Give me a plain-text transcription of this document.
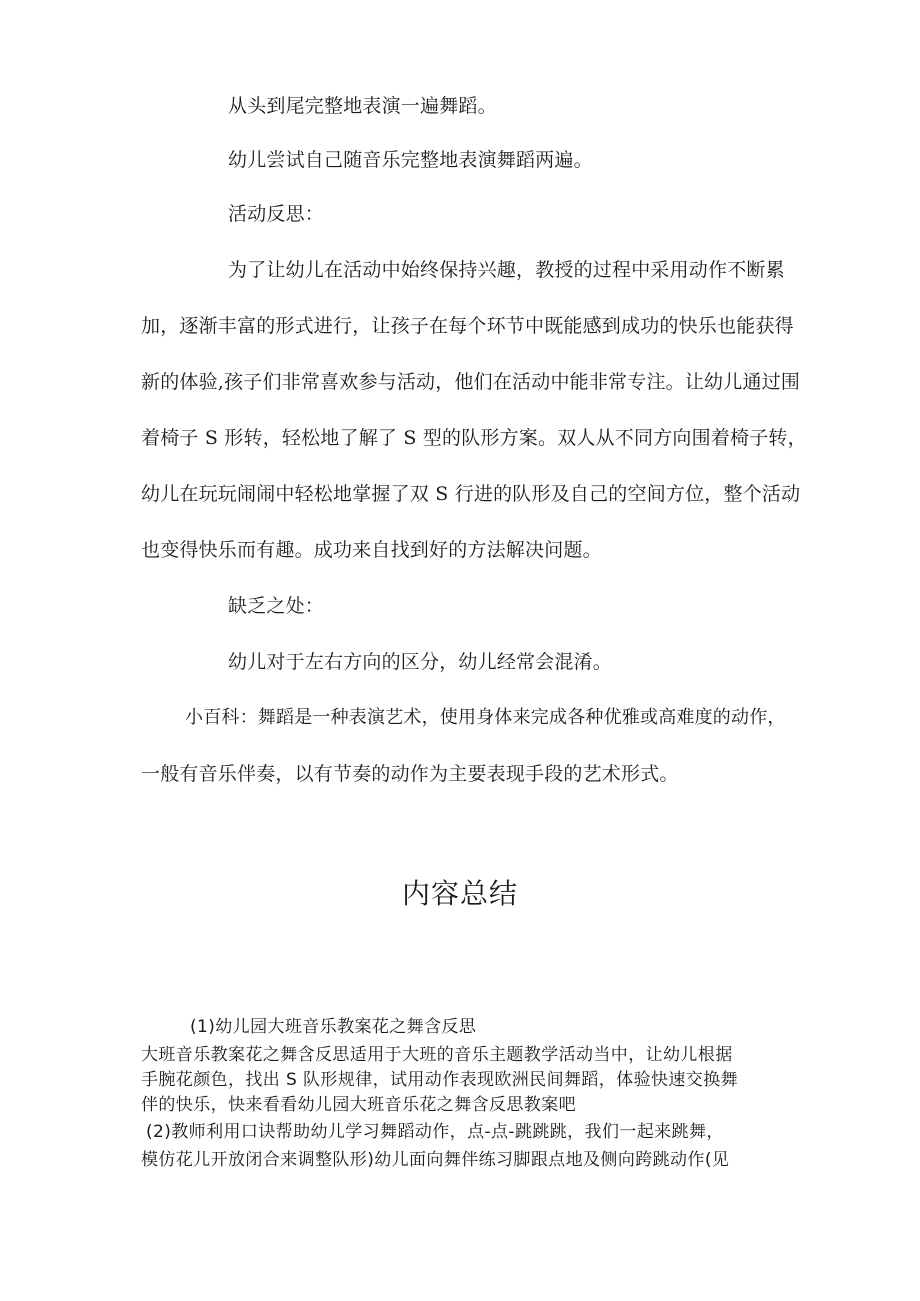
从头到尾完整地表演一遍舞蹈。
幼儿尝试自己随音乐完整地表演舞蹈两遍。
活动反思：
为了让幼儿在活动中始终保持兴趣，教授的过程中采用动作不断累
加，逐渐丰富的形式进行，让孩子在每个环节中既能感到成功的快乐也能获得
新的体验,孩子们非常喜欢参与活动，他们在活动中能非常专注。让幼儿通过围
着椅子 S 形转，轻松地了解了 S 型的队形方案。双人从不同方向围着椅子转，
幼儿在玩玩闹闹中轻松地掌握了双 S 行进的队形及自己的空间方位，整个活动
也变得快乐而有趣。成功来自找到好的方法解决问题。
缺乏之处：
幼儿对于左右方向的区分，幼儿经常会混淆。
小百科：舞蹈是一种表演艺术，使用身体来完成各种优雅或高难度的动作，
一般有音乐伴奏，以有节奏的动作为主要表现手段的艺术形式。
内容总结
(1)幼儿园大班音乐教案花之舞含反思
大班音乐教案花之舞含反思适用于大班的音乐主题教学活动当中，让幼儿根据
手腕花颜色，找出 S 队形规律，试用动作表现欧洲民间舞蹈，体验快速交换舞
伴的快乐，快来看看幼儿园大班音乐花之舞含反思教案吧
(2)教师利用口诀帮助幼儿学习舞蹈动作，点-点-跳跳跳，我们一起来跳舞，
模仿花儿开放闭合来调整队形)幼儿面向舞伴练习脚跟点地及侧向跨跳动作(见
